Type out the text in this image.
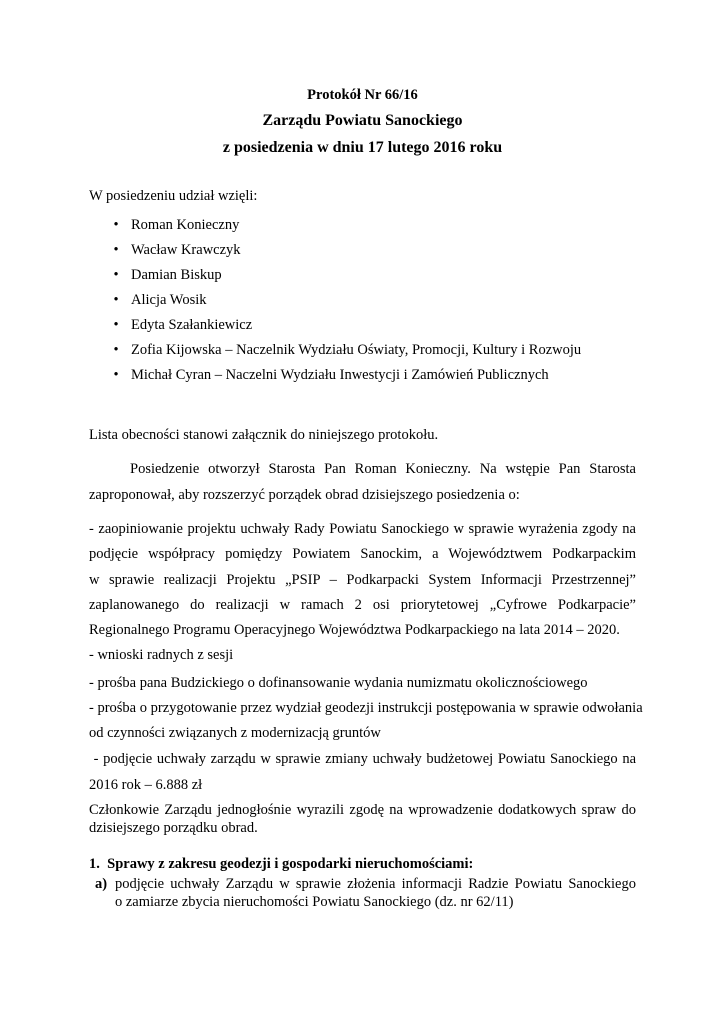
Protokół Nr 66/16
Zarządu Powiatu Sanockiego
z posiedzenia w dniu 17 lutego 2016 roku
W posiedzeniu udział wzięli:
• Roman Konieczny
• Wacław Krawczyk
• Damian Biskup
• Alicja Wosik
• Edyta Szałankiewicz
• Zofia Kijowska – Naczelnik Wydziału Oświaty, Promocji, Kultury i Rozwoju
• Michał Cyran – Naczelni Wydziału Inwestycji i Zamówień Publicznych
Lista obecności stanowi załącznik do niniejszego protokołu.
Posiedzenie otworzył Starosta Pan Roman Konieczny. Na wstępie Pan Starosta
zaproponował, aby rozszerzyć porządek obrad dzisiejszego posiedzenia o:
- zaopiniowanie projektu uchwały Rady Powiatu Sanockiego w sprawie wyrażenia zgody na
podjęcie współpracy pomiędzy Powiatem Sanockim, a Województwem Podkarpackim
w sprawie realizacji Projektu „PSIP – Podkarpacki System Informacji Przestrzennej”
zaplanowanego do realizacji w ramach 2 osi priorytetowej „Cyfrowe Podkarpacie”
Regionalnego Programu Operacyjnego Województwa Podkarpackiego na lata 2014 – 2020.
- wnioski radnych z sesji
- prośba pana Budzickiego o dofinansowanie wydania numizmatu okolicznościowego
- prośba o przygotowanie przez wydział geodezji instrukcji postępowania w sprawie odwołania
od czynności związanych z modernizacją gruntów
- podjęcie uchwały zarządu w sprawie zmiany uchwały budżetowej Powiatu Sanockiego na
2016 rok – 6.888 zł
Członkowie Zarządu jednogłośnie wyrazili zgodę na wprowadzenie dodatkowych spraw do
dzisiejszego porządku obrad.
1.  Sprawy z zakresu geodezji i gospodarki nieruchomościami:
a) podjęcie uchwały Zarządu w sprawie złożenia informacji Radzie Powiatu Sanockiego
o zamiarze zbycia nieruchomości Powiatu Sanockiego (dz. nr 62/11)
